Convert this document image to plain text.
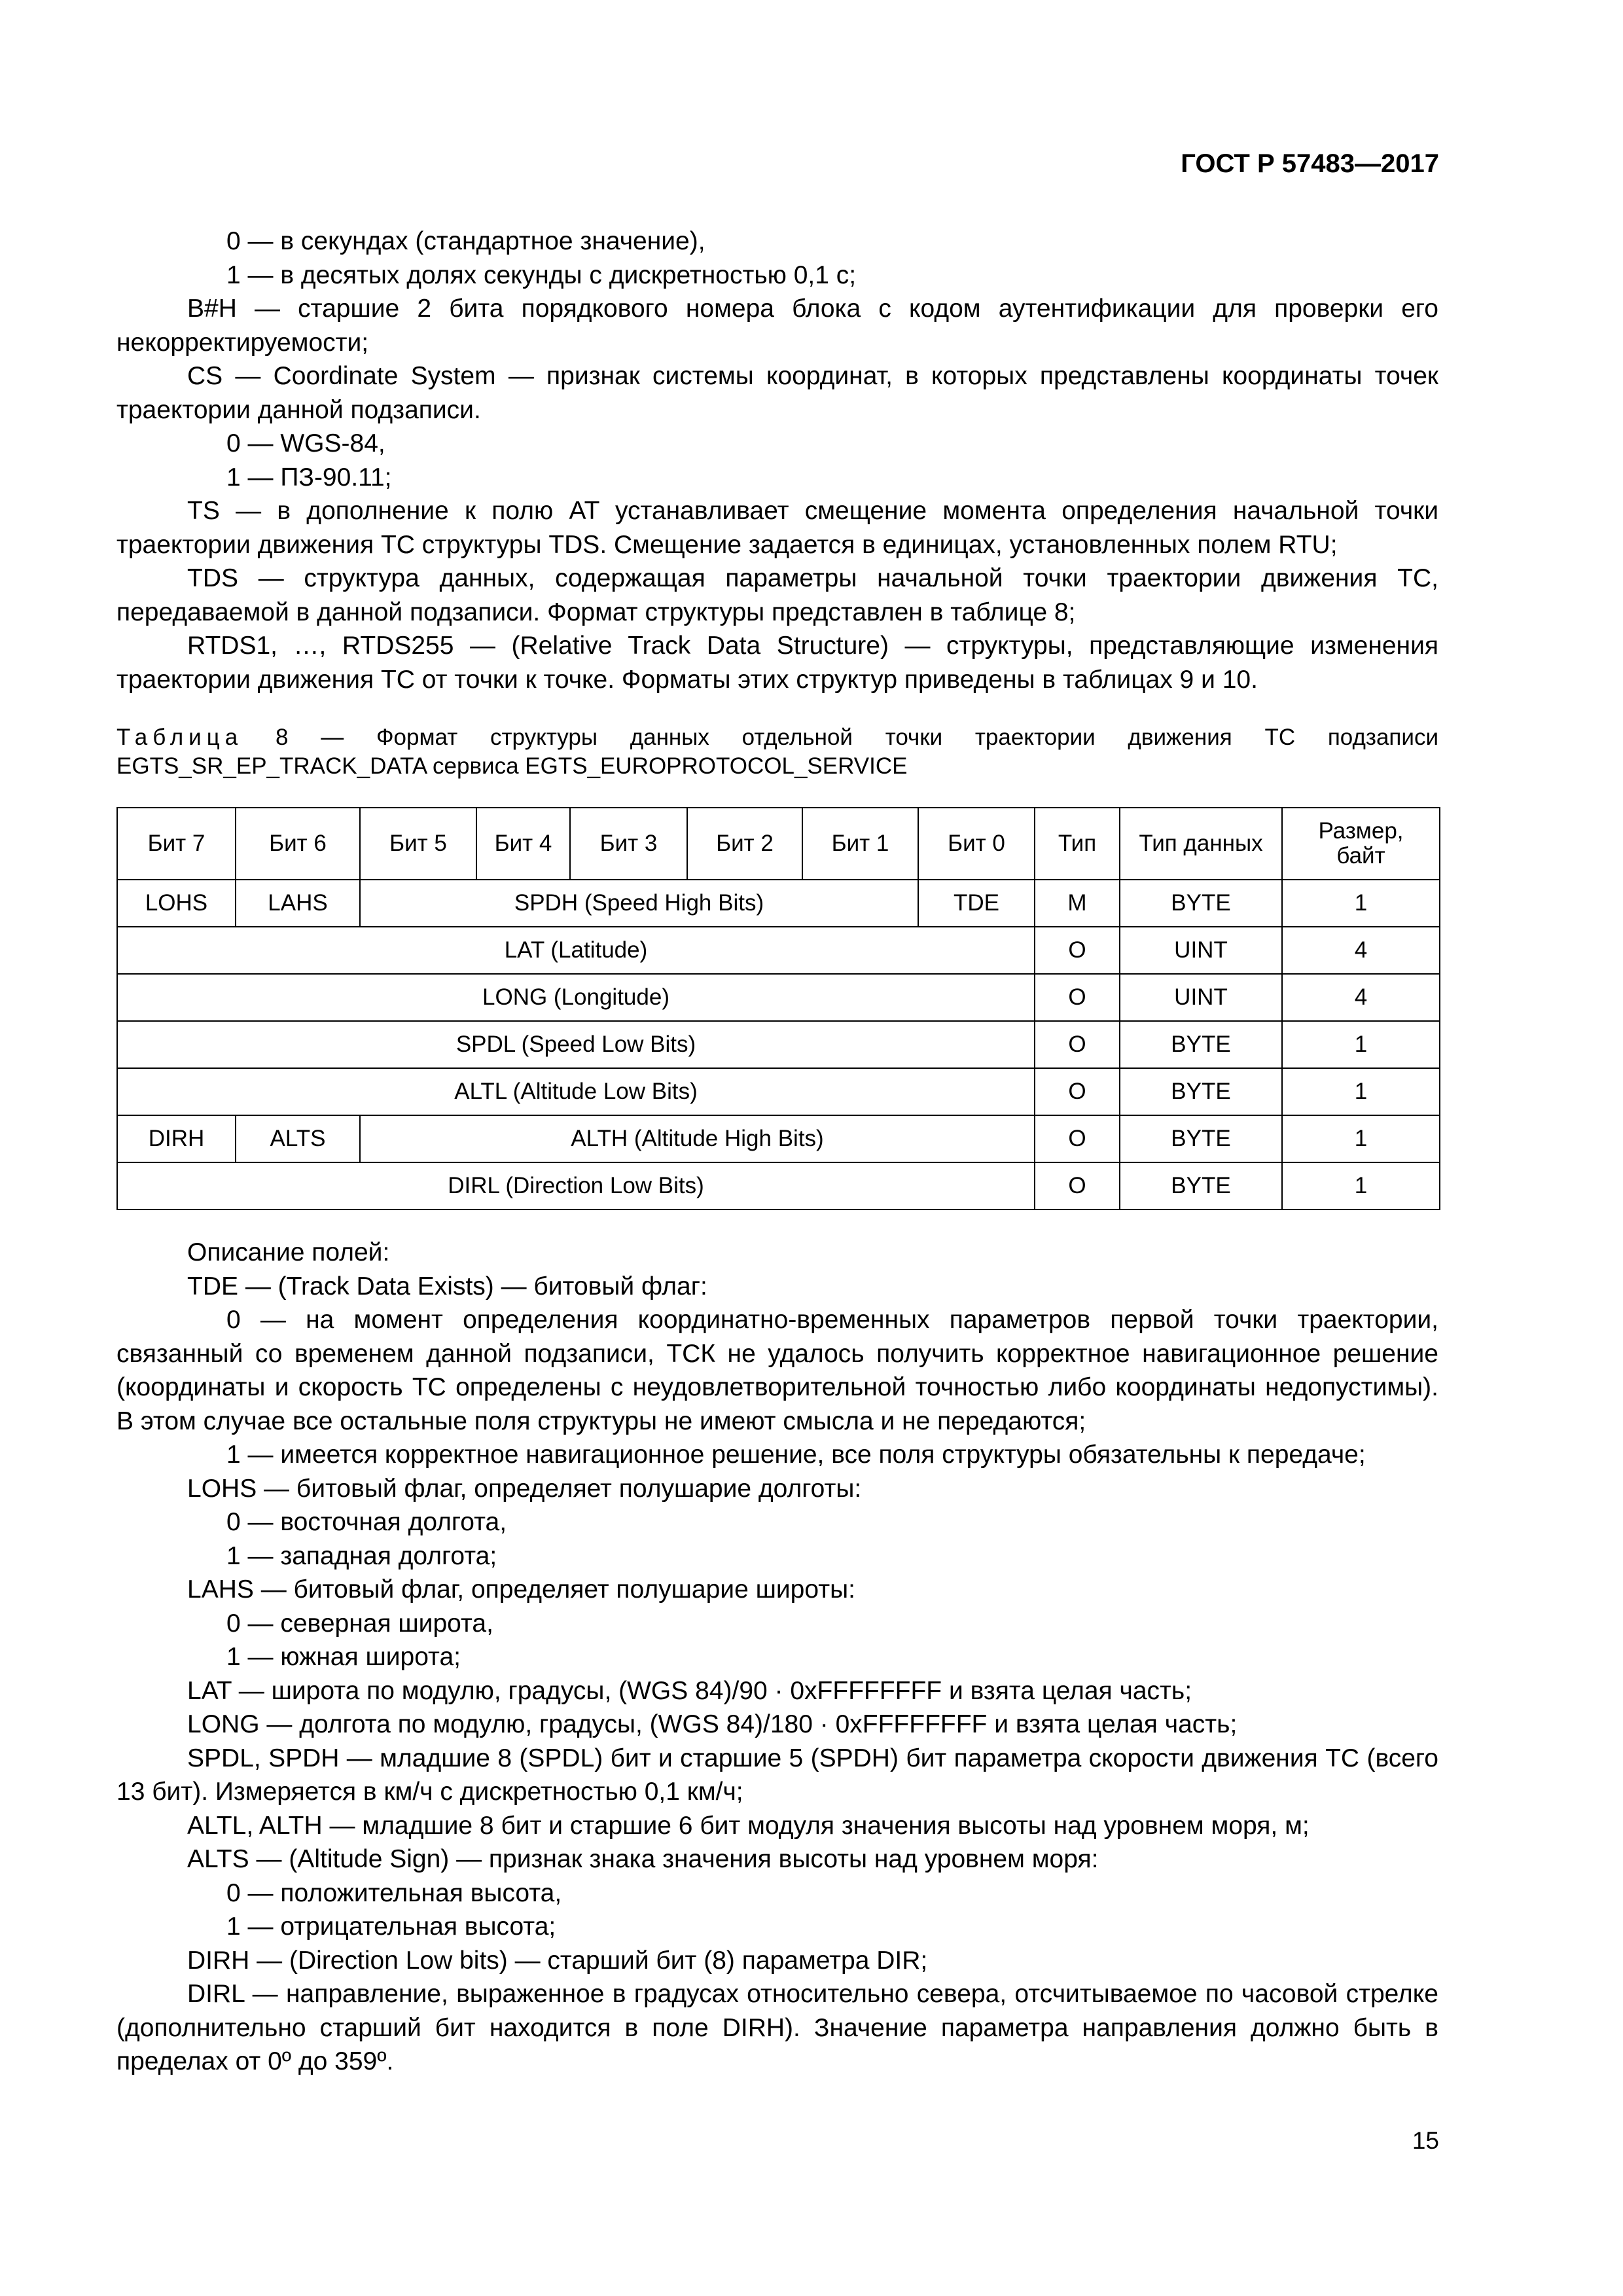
ГОСТ Р 57483—2017

0 — в секундах (стандартное значение),

1 — в десятых долях секунды с дискретностью 0,1 с;

B#H — старшие 2 бита порядкового номера блока с кодом аутентификации для проверки его некорректируемости;

CS — Coordinate System — признак системы координат, в которых представлены координаты точек траектории данной подзаписи.

0 — WGS-84,

1 — ПЗ-90.11;

TS — в дополнение к полю AT устанавливает смещение момента определения начальной точки траектории движения ТС структуры TDS. Смещение задается в единицах, установленных полем RTU;

TDS — структура данных, содержащая параметры начальной точки траектории движения ТС, передаваемой в данной подзаписи. Формат структуры представлен в таблице 8;

RTDS1, …, RTDS255 — (Relative Track Data Structure) — структуры, представляющие изменения траектории движения ТС от точки к точке. Форматы этих структур приведены в таблицах 9 и 10.

Таблица 8 — Формат структуры данных отдельной точки траектории движения ТС подзаписи EGTS_SR_EP_TRACK_DATA сервиса EGTS_EUROPROTOCOL_SERVICE
Бит 7	Бит 6	Бит 5	Бит 4	Бит 3	Бит 2	Бит 1	Бит 0	Тип	Тип данных	Размер, байт
LOHS	LAHS	SPDH (Speed High Bits)					TDE	M	BYTE	1
LAT (Latitude)								O	UINT	4
LONG (Longitude)								O	UINT	4
SPDL (Speed Low Bits)								O	BYTE	1
ALTL (Altitude Low Bits)								O	BYTE	1
DIRH	ALTS	ALTH (Altitude High Bits)						O	BYTE	1
DIRL (Direction Low Bits)								O	BYTE	1

Описание полей:

TDE — (Track Data Exists) — битовый флаг:

0 — на момент определения координатно-временных параметров первой точки траектории, связанный со временем данной подзаписи, ТСК не удалось получить корректное навигационное решение (координаты и скорость ТС определены с неудовлетворительной точностью либо координаты недопустимы). В этом случае все остальные поля структуры не имеют смысла и не передаются;

1 — имеется корректное навигационное решение, все поля структуры обязательны к передаче;

LOHS — битовый флаг, определяет полушарие долготы:

0 — восточная долгота,

1 — западная долгота;

LAHS — битовый флаг, определяет полушарие широты:

0 — северная широта,

1 — южная широта;

LAT — широта по модулю, градусы, (WGS 84)/90 · 0xFFFFFFFF и взята целая часть;

LONG — долгота по модулю, градусы, (WGS 84)/180 · 0xFFFFFFFF и взята целая часть;

SPDL, SPDH — младшие 8 (SPDL) бит и старшие 5 (SPDH) бит параметра скорости движения ТС (всего 13 бит). Измеряется в км/ч с дискретностью 0,1 км/ч;

ALTL, ALTH — младшие 8 бит и старшие 6 бит модуля значения высоты над уровнем моря, м;

ALTS — (Altitude Sign) — признак знака значения высоты над уровнем моря:

0 — положительная высота,

1 — отрицательная высота;

DIRH — (Direction Low bits) — старший бит (8) параметра DIR;

DIRL — направление, выраженное в градусах относительно севера, отсчитываемое по часовой стрелке (дополнительно старший бит находится в поле DIRH). Значение параметра направления должно быть в пределах от 0º до 359º.

15
